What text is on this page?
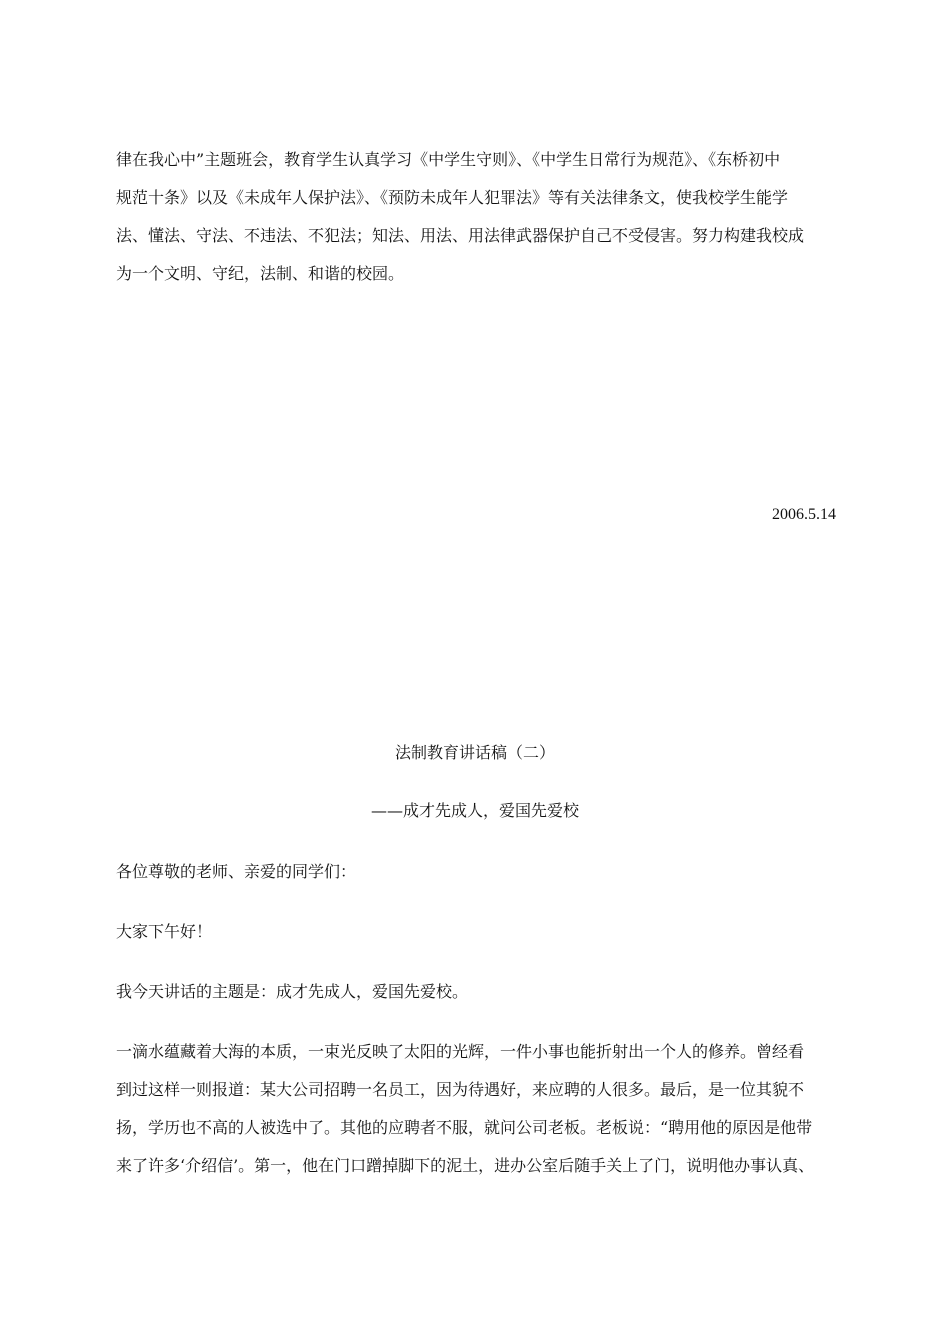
律在我心中”主题班会，教育学生认真学习《中学生守则》、《中学生日常行为规范》、《东桥初中
规范十条》以及《未成年人保护法》、《预防未成年人犯罪法》等有关法律条文，使我校学生能学
法、懂法、守法、不违法、不犯法；知法、用法、用法律武器保护自己不受侵害。努力构建我校成
为一个文明、守纪，法制、和谐的校园。
2006.5.14
法制教育讲话稿（二）
——成才先成人，爱国先爱校
各位尊敬的老师、亲爱的同学们：
大家下午好！
我今天讲话的主题是：成才先成人，爱国先爱校。
一滴水蕴藏着大海的本质，一束光反映了太阳的光辉，一件小事也能折射出一个人的修养。曾经看
到过这样一则报道：某大公司招聘一名员工，因为待遇好，来应聘的人很多。最后，是一位其貌不
扬，学历也不高的人被选中了。其他的应聘者不服，就问公司老板。老板说：“聘用他的原因是他带
来了许多‘介绍信’。第一，他在门口蹭掉脚下的泥土，进办公室后随手关上了门，说明他办事认真、
